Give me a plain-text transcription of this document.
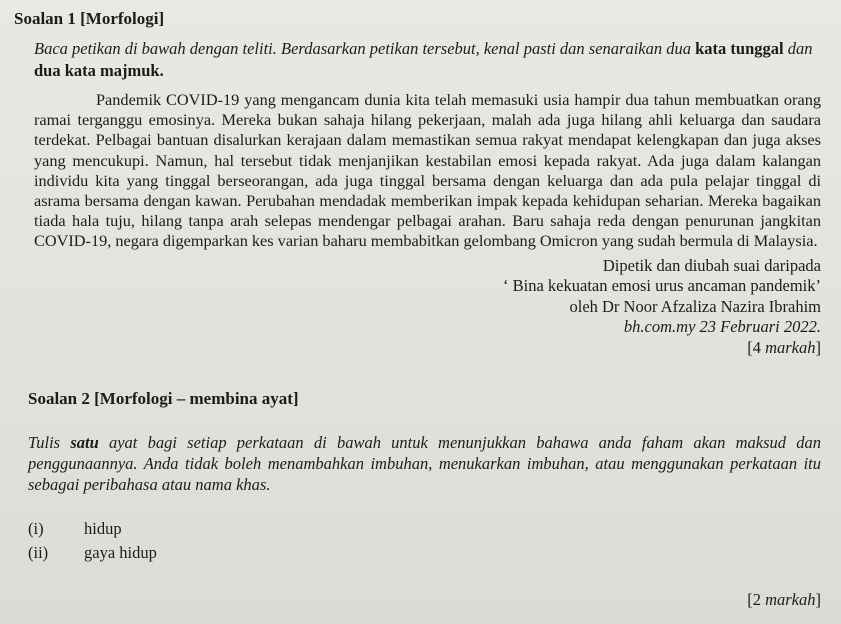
Soalan 1 [Morfologi]
Baca petikan di bawah dengan teliti. Berdasarkan petikan tersebut, kenal pasti dan senaraikan dua kata tunggal dan dua kata majmuk.

Pandemik COVID-19 yang mengancam dunia kita telah memasuki usia hampir dua tahun membuatkan orang ramai terganggu emosinya. Mereka bukan sahaja hilang pekerjaan, malah ada juga hilang ahli keluarga dan saudara terdekat. Pelbagai bantuan disalurkan kerajaan dalam memastikan semua rakyat mendapat kelengkapan dan juga akses yang mencukupi. Namun, hal tersebut tidak menjanjikan kestabilan emosi kepada rakyat. Ada juga dalam kalangan individu kita yang tinggal berseorangan, ada juga tinggal bersama dengan keluarga dan ada pula pelajar tinggal di asrama bersama dengan kawan. Perubahan mendadak memberikan impak kepada kehidupan seharian. Mereka bagaikan tiada hala tuju, hilang tanpa arah selepas mendengar pelbagai arahan. Baru sahaja reda dengan penurunan jangkitan COVID-19, negara digemparkan kes varian baharu membabitkan gelombang Omicron yang sudah bermula di Malaysia.

Dipetik dan diubah suai daripada
‘ Bina kekuatan emosi urus ancaman pandemik’
oleh Dr Noor Afzaliza Nazira Ibrahim
bh.com.my 23 Februari 2022.
[4 markah]
Soalan 2 [Morfologi – membina ayat]
Tulis satu ayat bagi setiap perkataan di bawah untuk menunjukkan bahawa anda faham akan maksud dan penggunaannya. Anda tidak boleh menambahkan imbuhan, menukarkan imbuhan, atau menggunakan perkataan itu sebagai peribahasa atau nama khas.
(i)	hidup
(ii)	gaya hidup
[2 markah]
